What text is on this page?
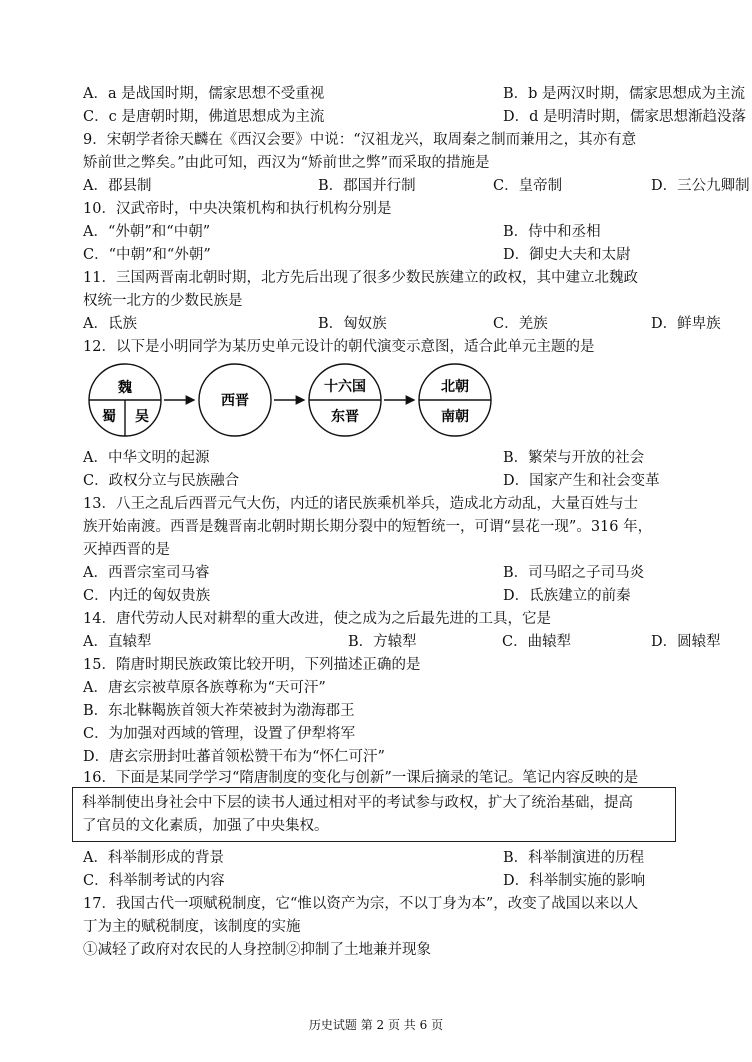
A．a 是战国时期，儒家思想不受重视	B．b 是两汉时期，儒家思想成为主流
C．c 是唐朝时期，佛道思想成为主流	D．d 是明清时期，儒家思想渐趋没落
9．宋朝学者徐天麟在《西汉会要》中说：“汉祖龙兴，取周秦之制而兼用之，其亦有意
矫前世之弊矣。”由此可知，西汉为“矫前世之弊”而采取的措施是
A．郡县制	B．郡国并行制	C．皇帝制	D．三公九卿制
10．汉武帝时，中央决策机构和执行机构分别是
A．“外朝”和“中朝”	B．侍中和丞相
C．“中朝”和“外朝”	D．御史大夫和太尉
11．三国两晋南北朝时期，北方先后出现了很多少数民族建立的政权，其中建立北魏政
权统一北方的少数民族是
A．氐族	B．匈奴族	C．羌族	D．鲜卑族
12．以下是小明同学为某历史单元设计的朝代演变示意图，适合此单元主题的是
魏
蜀 吴
西晋
十六国
东晋
北朝
南朝
A．中华文明的起源	B．繁荣与开放的社会
C．政权分立与民族融合	D．国家产生和社会变革
13．八王之乱后西晋元气大伤，内迁的诸民族乘机举兵，造成北方动乱，大量百姓与士
族开始南渡。西晋是魏晋南北朝时期长期分裂中的短暂统一，可谓“昙花一现”。316 年，
灭掉西晋的是
A．西晋宗室司马睿	B．司马昭之子司马炎
C．内迁的匈奴贵族	D．氐族建立的前秦
14．唐代劳动人民对耕犁的重大改进，使之成为之后最先进的工具，它是
A．直辕犁	B．方辕犁	C．曲辕犁	D．圆辕犁
15．隋唐时期民族政策比较开明，下列描述正确的是
A．唐玄宗被草原各族尊称为“天可汗”
B．东北靺鞨族首领大祚荣被封为渤海郡王
C．为加强对西域的管理，设置了伊犁将军
D．唐玄宗册封吐蕃首领松赞干布为“怀仁可汗”
16．下面是某同学学习“隋唐制度的变化与创新”一课后摘录的笔记。笔记内容反映的是
科举制使出身社会中下层的读书人通过相对平的考试参与政权，扩大了统治基础，提高
了官员的文化素质，加强了中央集权。
A．科举制形成的背景	B．科举制演进的历程
C．科举制考试的内容	D．科举制实施的影响
17．我国古代一项赋税制度，它“惟以资产为宗，不以丁身为本”，改变了战国以来以人
丁为主的赋税制度，该制度的实施
①减轻了政府对农民的人身控制②抑制了土地兼并现象
历史试题 第 2 页 共 6 页
